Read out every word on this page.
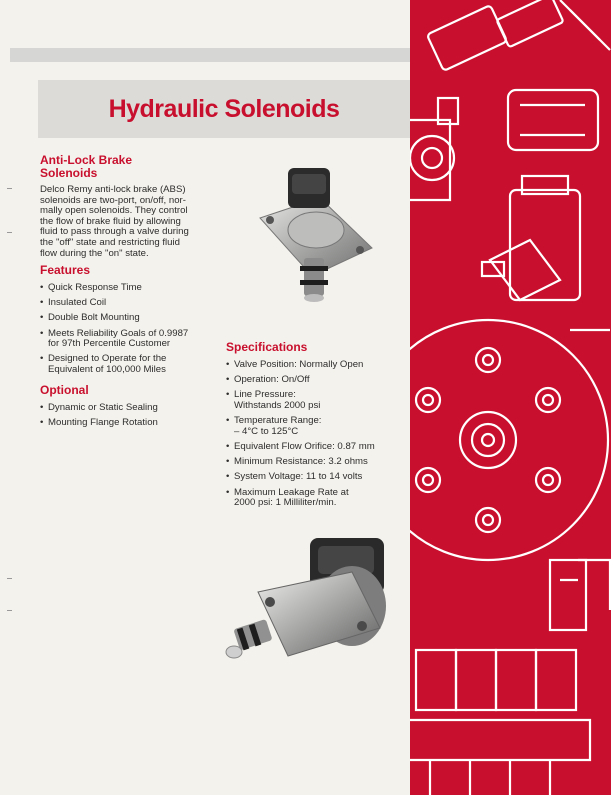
Hydraulic Solenoids
Anti-Lock Brake
Solenoids
Delco Remy anti-lock brake (ABS)
solenoids are two-port, on/off, nor-
mally open solenoids. They control
the flow of brake fluid by allowing
fluid to pass through a valve during
the "off" state and restricting fluid
flow during the "on" state.
Features
• Quick Response Time
• Insulated Coil
• Double Bolt Mounting
• Meets Reliability Goals of 0.9987
for 97th Percentile Customer
• Designed to Operate for the
Equivalent of 100,000 Miles
Optional
• Dynamic or Static Sealing
• Mounting Flange Rotation
Specifications
• Valve Position: Normally Open
• Operation: On/Off
• Line Pressure:
Withstands 2000 psi
• Temperature Range:
– 4°C to 125°C
• Equivalent Flow Orifice: 0.87 mm
• Minimum Resistance: 3.2 ohms
• System Voltage: 11 to 14 volts
• Maximum Leakage Rate at
2000 psi: 1 Milliliter/min.
